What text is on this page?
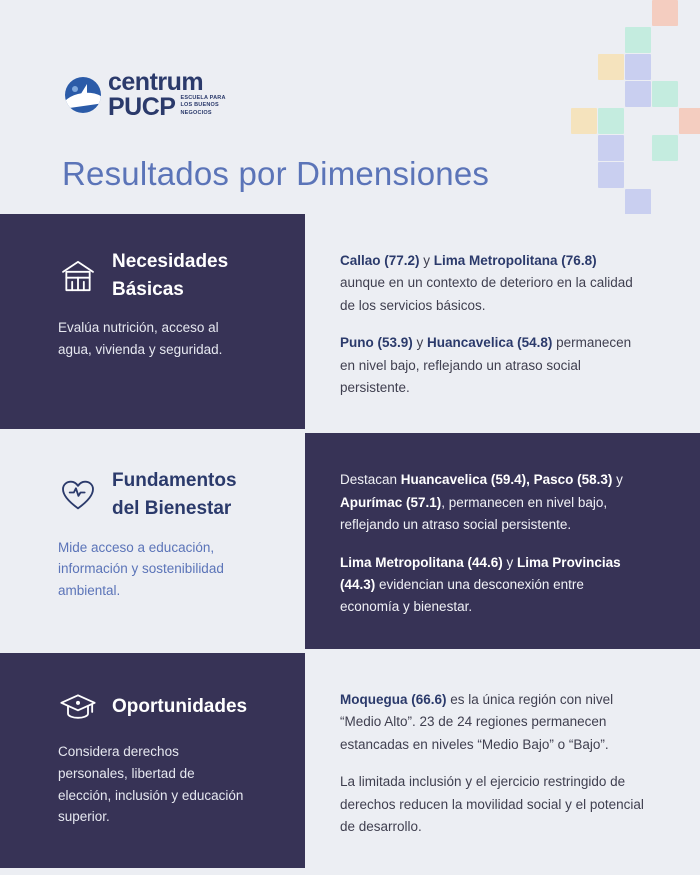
centrum
PUCP ESCUELA PARA
LOS BUENOS
NEGOCIOS
Resultados por Dimensiones
Necesidades
Básicas
Evalúa nutrición, acceso al agua, vivienda y seguridad.

Callao (77.2) y Lima Metropolitana (76.8) aunque en un contexto de deterioro en la calidad de los servicios básicos.

Puno (53.9) y Huancavelica (54.8) permanecen en nivel bajo, reflejando un atraso social persistente.

Fundamentos
del Bienestar
Mide acceso a educación, información y sostenibilidad ambiental.

Destacan Huancavelica (59.4), Pasco (58.3) y Apurímac (57.1), permanecen en nivel bajo, reflejando un atraso social persistente.

Lima Metropolitana (44.6) y Lima Provincias (44.3) evidencian una desconexión entre economía y bienestar.

Oportunidades
Considera derechos personales, libertad de elección, inclusión y educación superior.

Moquegua (66.6) es la única región con nivel “Medio Alto”. 23 de 24 regiones permanecen estancadas en niveles “Medio Bajo” o “Bajo”.

La limitada inclusión y el ejercicio restringido de derechos reducen la movilidad social y el potencial de desarrollo.
